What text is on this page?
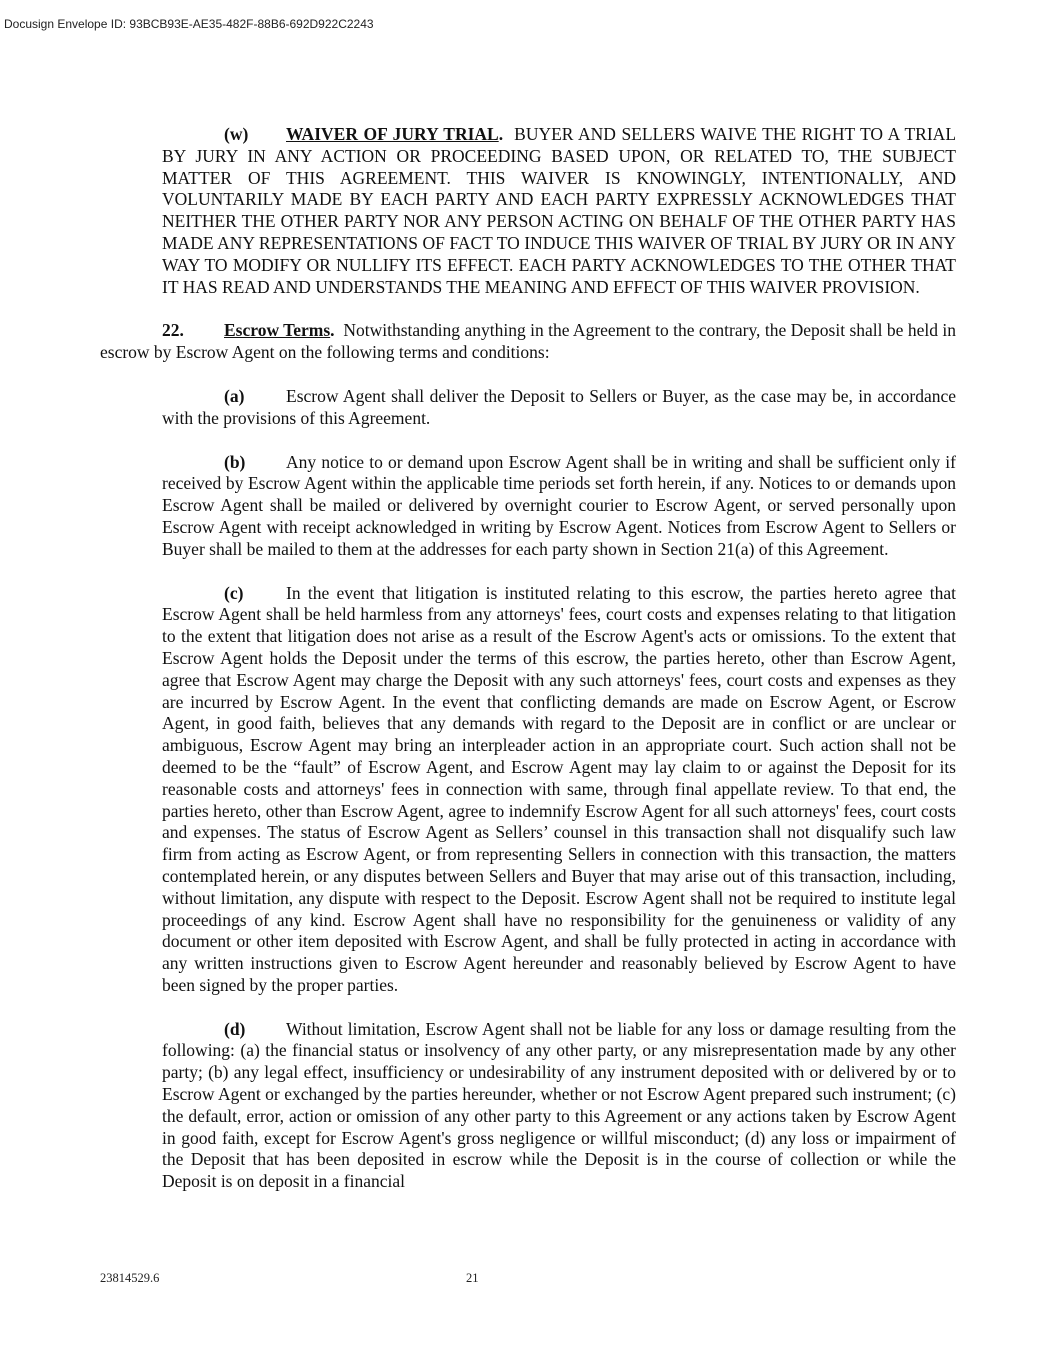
Docusign Envelope ID: 93BCB93E-AE35-482F-88B6-692D922C2243

(w) WAIVER OF JURY TRIAL. BUYER AND SELLERS WAIVE THE RIGHT TO A TRIAL BY JURY IN ANY ACTION OR PROCEEDING BASED UPON, OR RELATED TO, THE SUBJECT MATTER OF THIS AGREEMENT. THIS WAIVER IS KNOWINGLY, INTENTIONALLY, AND VOLUNTARILY MADE BY EACH PARTY AND EACH PARTY EXPRESSLY ACKNOWLEDGES THAT NEITHER THE OTHER PARTY NOR ANY PERSON ACTING ON BEHALF OF THE OTHER PARTY HAS MADE ANY REPRESENTATIONS OF FACT TO INDUCE THIS WAIVER OF TRIAL BY JURY OR IN ANY WAY TO MODIFY OR NULLIFY ITS EFFECT. EACH PARTY ACKNOWLEDGES TO THE OTHER THAT IT HAS READ AND UNDERSTANDS THE MEANING AND EFFECT OF THIS WAIVER PROVISION.

22. Escrow Terms. Notwithstanding anything in the Agreement to the contrary, the Deposit shall be held in escrow by Escrow Agent on the following terms and conditions:

(a) Escrow Agent shall deliver the Deposit to Sellers or Buyer, as the case may be, in accordance with the provisions of this Agreement.

(b) Any notice to or demand upon Escrow Agent shall be in writing and shall be sufficient only if received by Escrow Agent within the applicable time periods set forth herein, if any. Notices to or demands upon Escrow Agent shall be mailed or delivered by overnight courier to Escrow Agent, or served personally upon Escrow Agent with receipt acknowledged in writing by Escrow Agent. Notices from Escrow Agent to Sellers or Buyer shall be mailed to them at the addresses for each party shown in Section 21(a) of this Agreement.

(c) In the event that litigation is instituted relating to this escrow, the parties hereto agree that Escrow Agent shall be held harmless from any attorneys' fees, court costs and expenses relating to that litigation to the extent that litigation does not arise as a result of the Escrow Agent's acts or omissions. To the extent that Escrow Agent holds the Deposit under the terms of this escrow, the parties hereto, other than Escrow Agent, agree that Escrow Agent may charge the Deposit with any such attorneys' fees, court costs and expenses as they are incurred by Escrow Agent. In the event that conflicting demands are made on Escrow Agent, or Escrow Agent, in good faith, believes that any demands with regard to the Deposit are in conflict or are unclear or ambiguous, Escrow Agent may bring an interpleader action in an appropriate court. Such action shall not be deemed to be the “fault” of Escrow Agent, and Escrow Agent may lay claim to or against the Deposit for its reasonable costs and attorneys' fees in connection with same, through final appellate review. To that end, the parties hereto, other than Escrow Agent, agree to indemnify Escrow Agent for all such attorneys' fees, court costs and expenses. The status of Escrow Agent as Sellers’ counsel in this transaction shall not disqualify such law firm from acting as Escrow Agent, or from representing Sellers in connection with this transaction, the matters contemplated herein, or any disputes between Sellers and Buyer that may arise out of this transaction, including, without limitation, any dispute with respect to the Deposit. Escrow Agent shall not be required to institute legal proceedings of any kind. Escrow Agent shall have no responsibility for the genuineness or validity of any document or other item deposited with Escrow Agent, and shall be fully protected in acting in accordance with any written instructions given to Escrow Agent hereunder and reasonably believed by Escrow Agent to have been signed by the proper parties.

(d) Without limitation, Escrow Agent shall not be liable for any loss or damage resulting from the following: (a) the financial status or insolvency of any other party, or any misrepresentation made by any other party; (b) any legal effect, insufficiency or undesirability of any instrument deposited with or delivered by or to Escrow Agent or exchanged by the parties hereunder, whether or not Escrow Agent prepared such instrument; (c) the default, error, action or omission of any other party to this Agreement or any actions taken by Escrow Agent in good faith, except for Escrow Agent's gross negligence or willful misconduct; (d) any loss or impairment of the Deposit that has been deposited in escrow while the Deposit is in the course of collection or while the Deposit is on deposit in a financial

23814529.6	21
